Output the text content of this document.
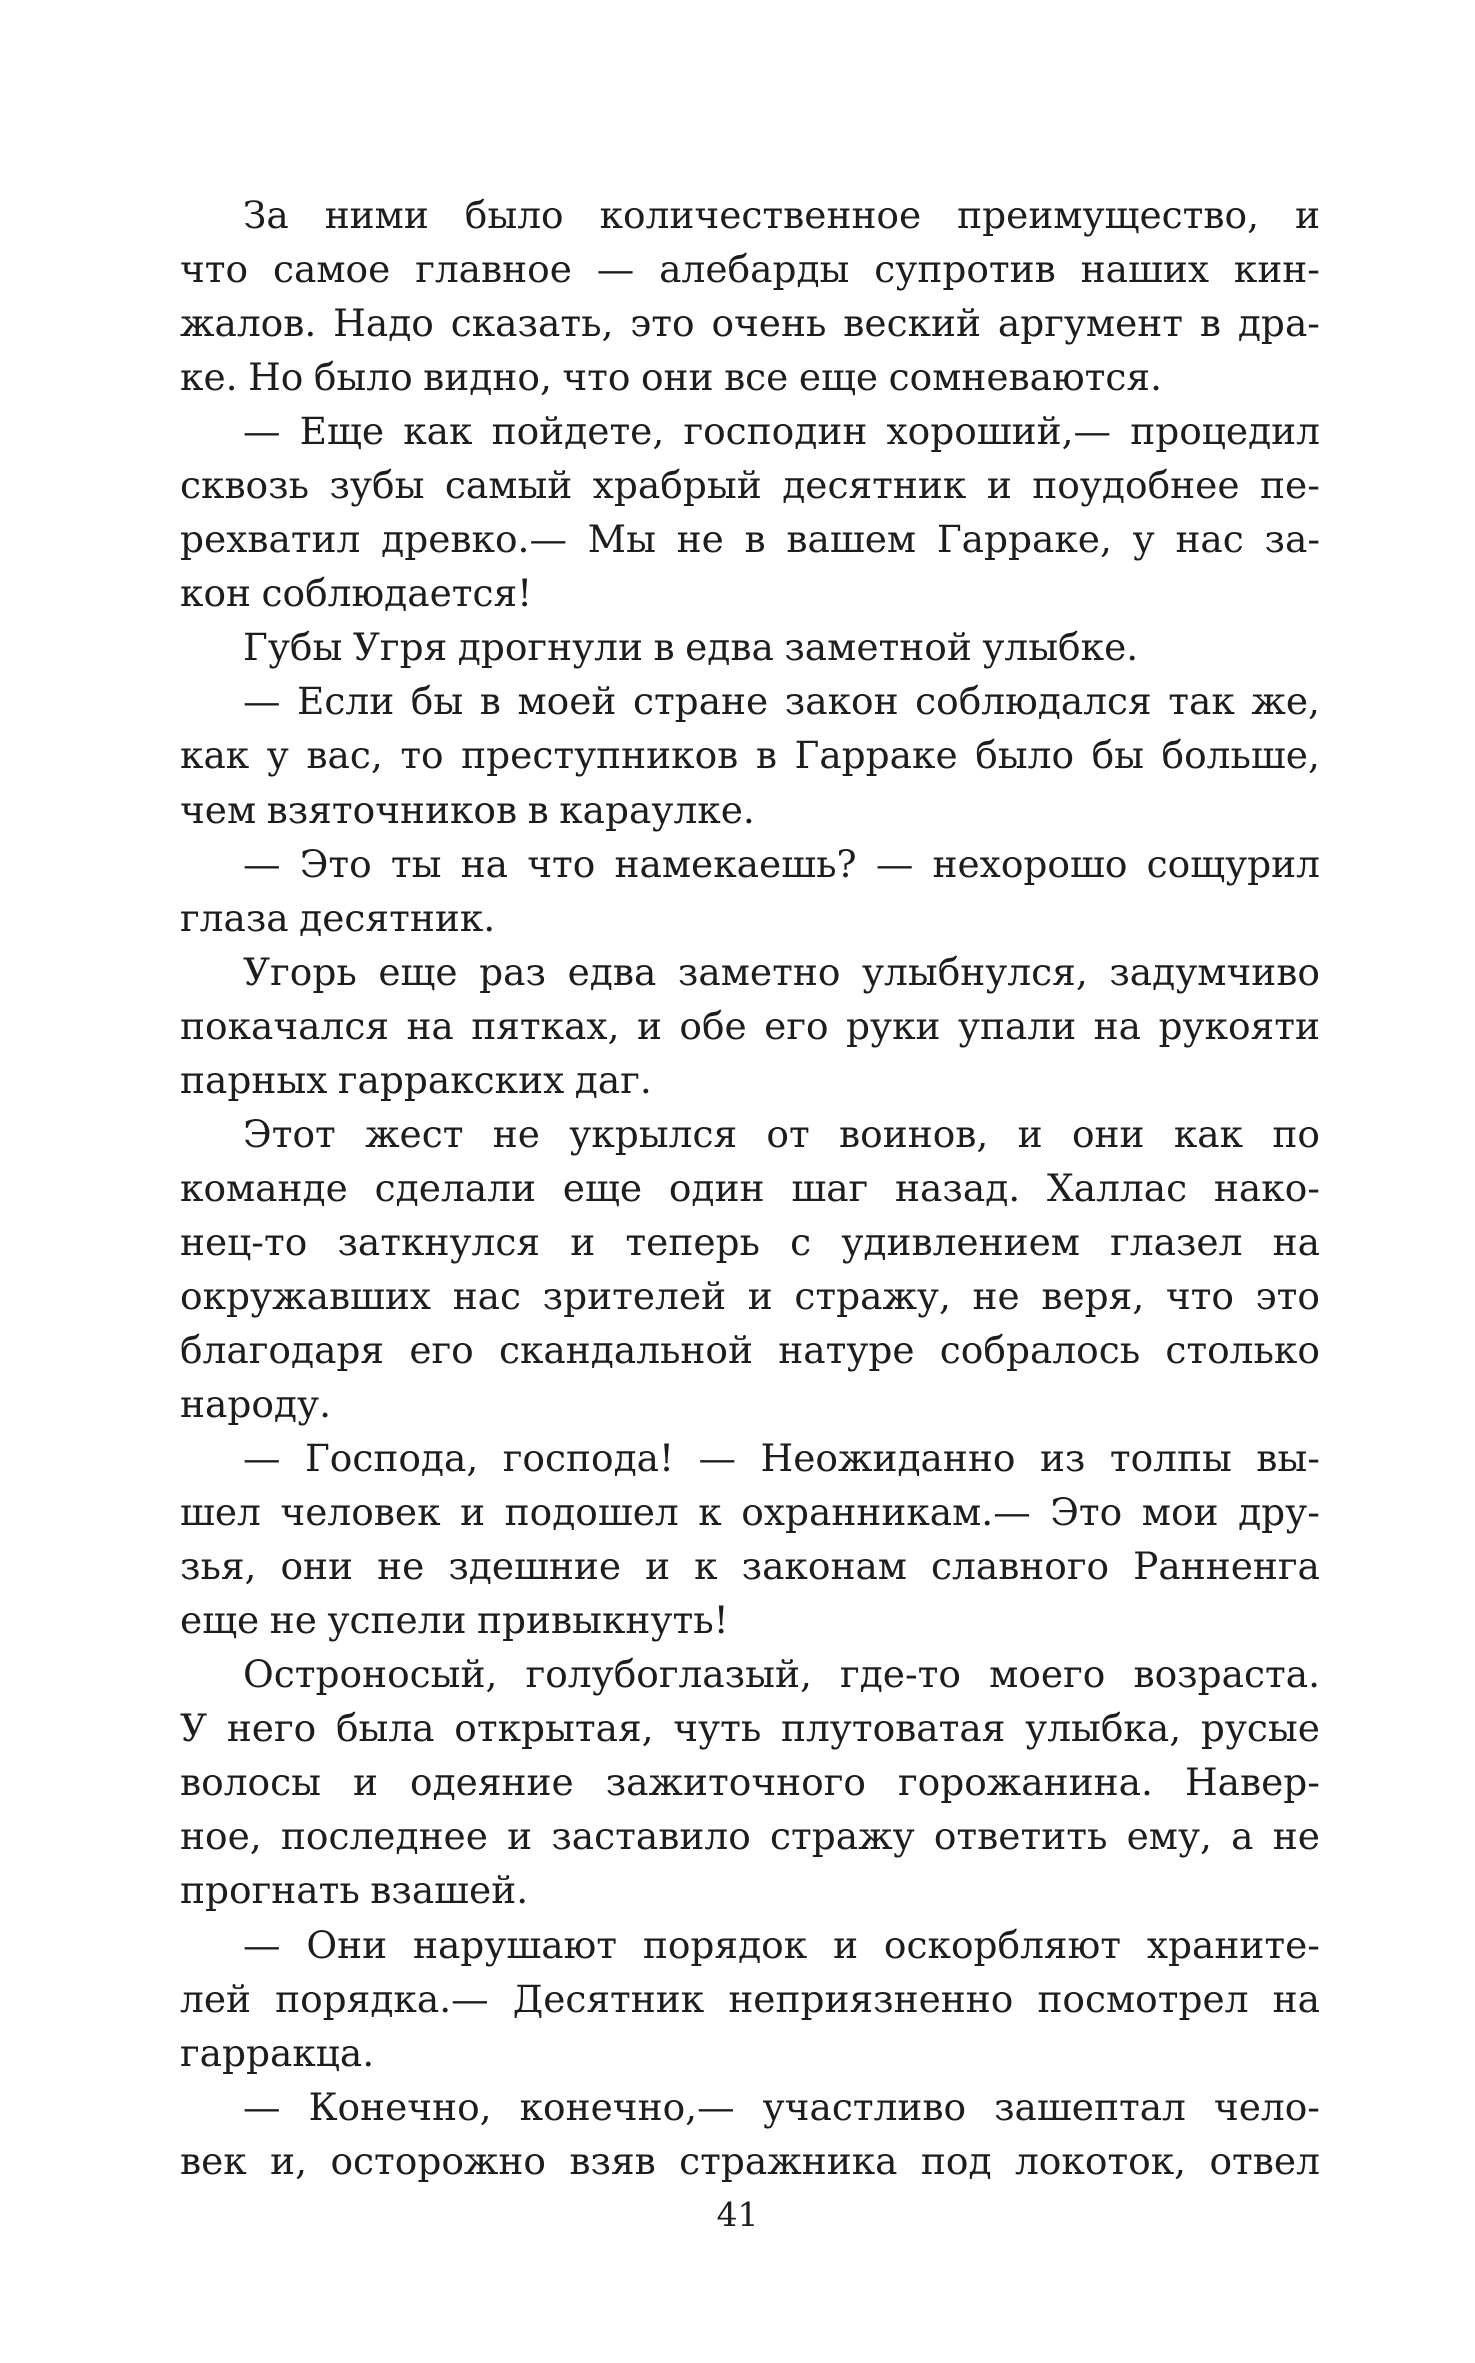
За ними было количественное преимущество, и
что самое главное — алебарды супротив наших кин-
жалов. Надо сказать, это очень веский аргумент в дра-
ке. Но было видно, что они все еще сомневаются.
— Еще как пойдете, господин хороший,— процедил
сквозь зубы самый храбрый десятник и поудобнее пе-
рехватил древко.— Мы не в вашем Гарраке, у нас за-
кон соблюдается!
Губы Угря дрогнули в едва заметной улыбке.
— Если бы в моей стране закон соблюдался так же,
как у вас, то преступников в Гарраке было бы больше,
чем взяточников в караулке.
— Это ты на что намекаешь? — нехорошо сощурил
глаза десятник.
Угорь еще раз едва заметно улыбнулся, задумчиво
покачался на пятках, и обе его руки упали на рукояти
парных гарракских даг.
Этот жест не укрылся от воинов, и они как по
команде сделали еще один шаг назад. Халлас нако-
нец-то заткнулся и теперь с удивлением глазел на
окружавших нас зрителей и стражу, не веря, что это
благодаря его скандальной натуре собралось столько
народу.
— Господа, господа! — Неожиданно из толпы вы-
шел человек и подошел к охранникам.— Это мои дру-
зья, они не здешние и к законам славного Ранненга
еще не успели привыкнуть!
Остроносый, голубоглазый, где-то моего возраста.
У него была открытая, чуть плутоватая улыбка, русые
волосы и одеяние зажиточного горожанина. Навер-
ное, последнее и заставило стражу ответить ему, а не
прогнать взашей.
— Они нарушают порядок и оскорбляют хранитe-
лей порядка.— Десятник неприязненно посмотрел на
гарракца.
— Конечно, конечно,— участливо зашептал чело-
век и, осторожно взяв стражника под локоток, отвел
41
